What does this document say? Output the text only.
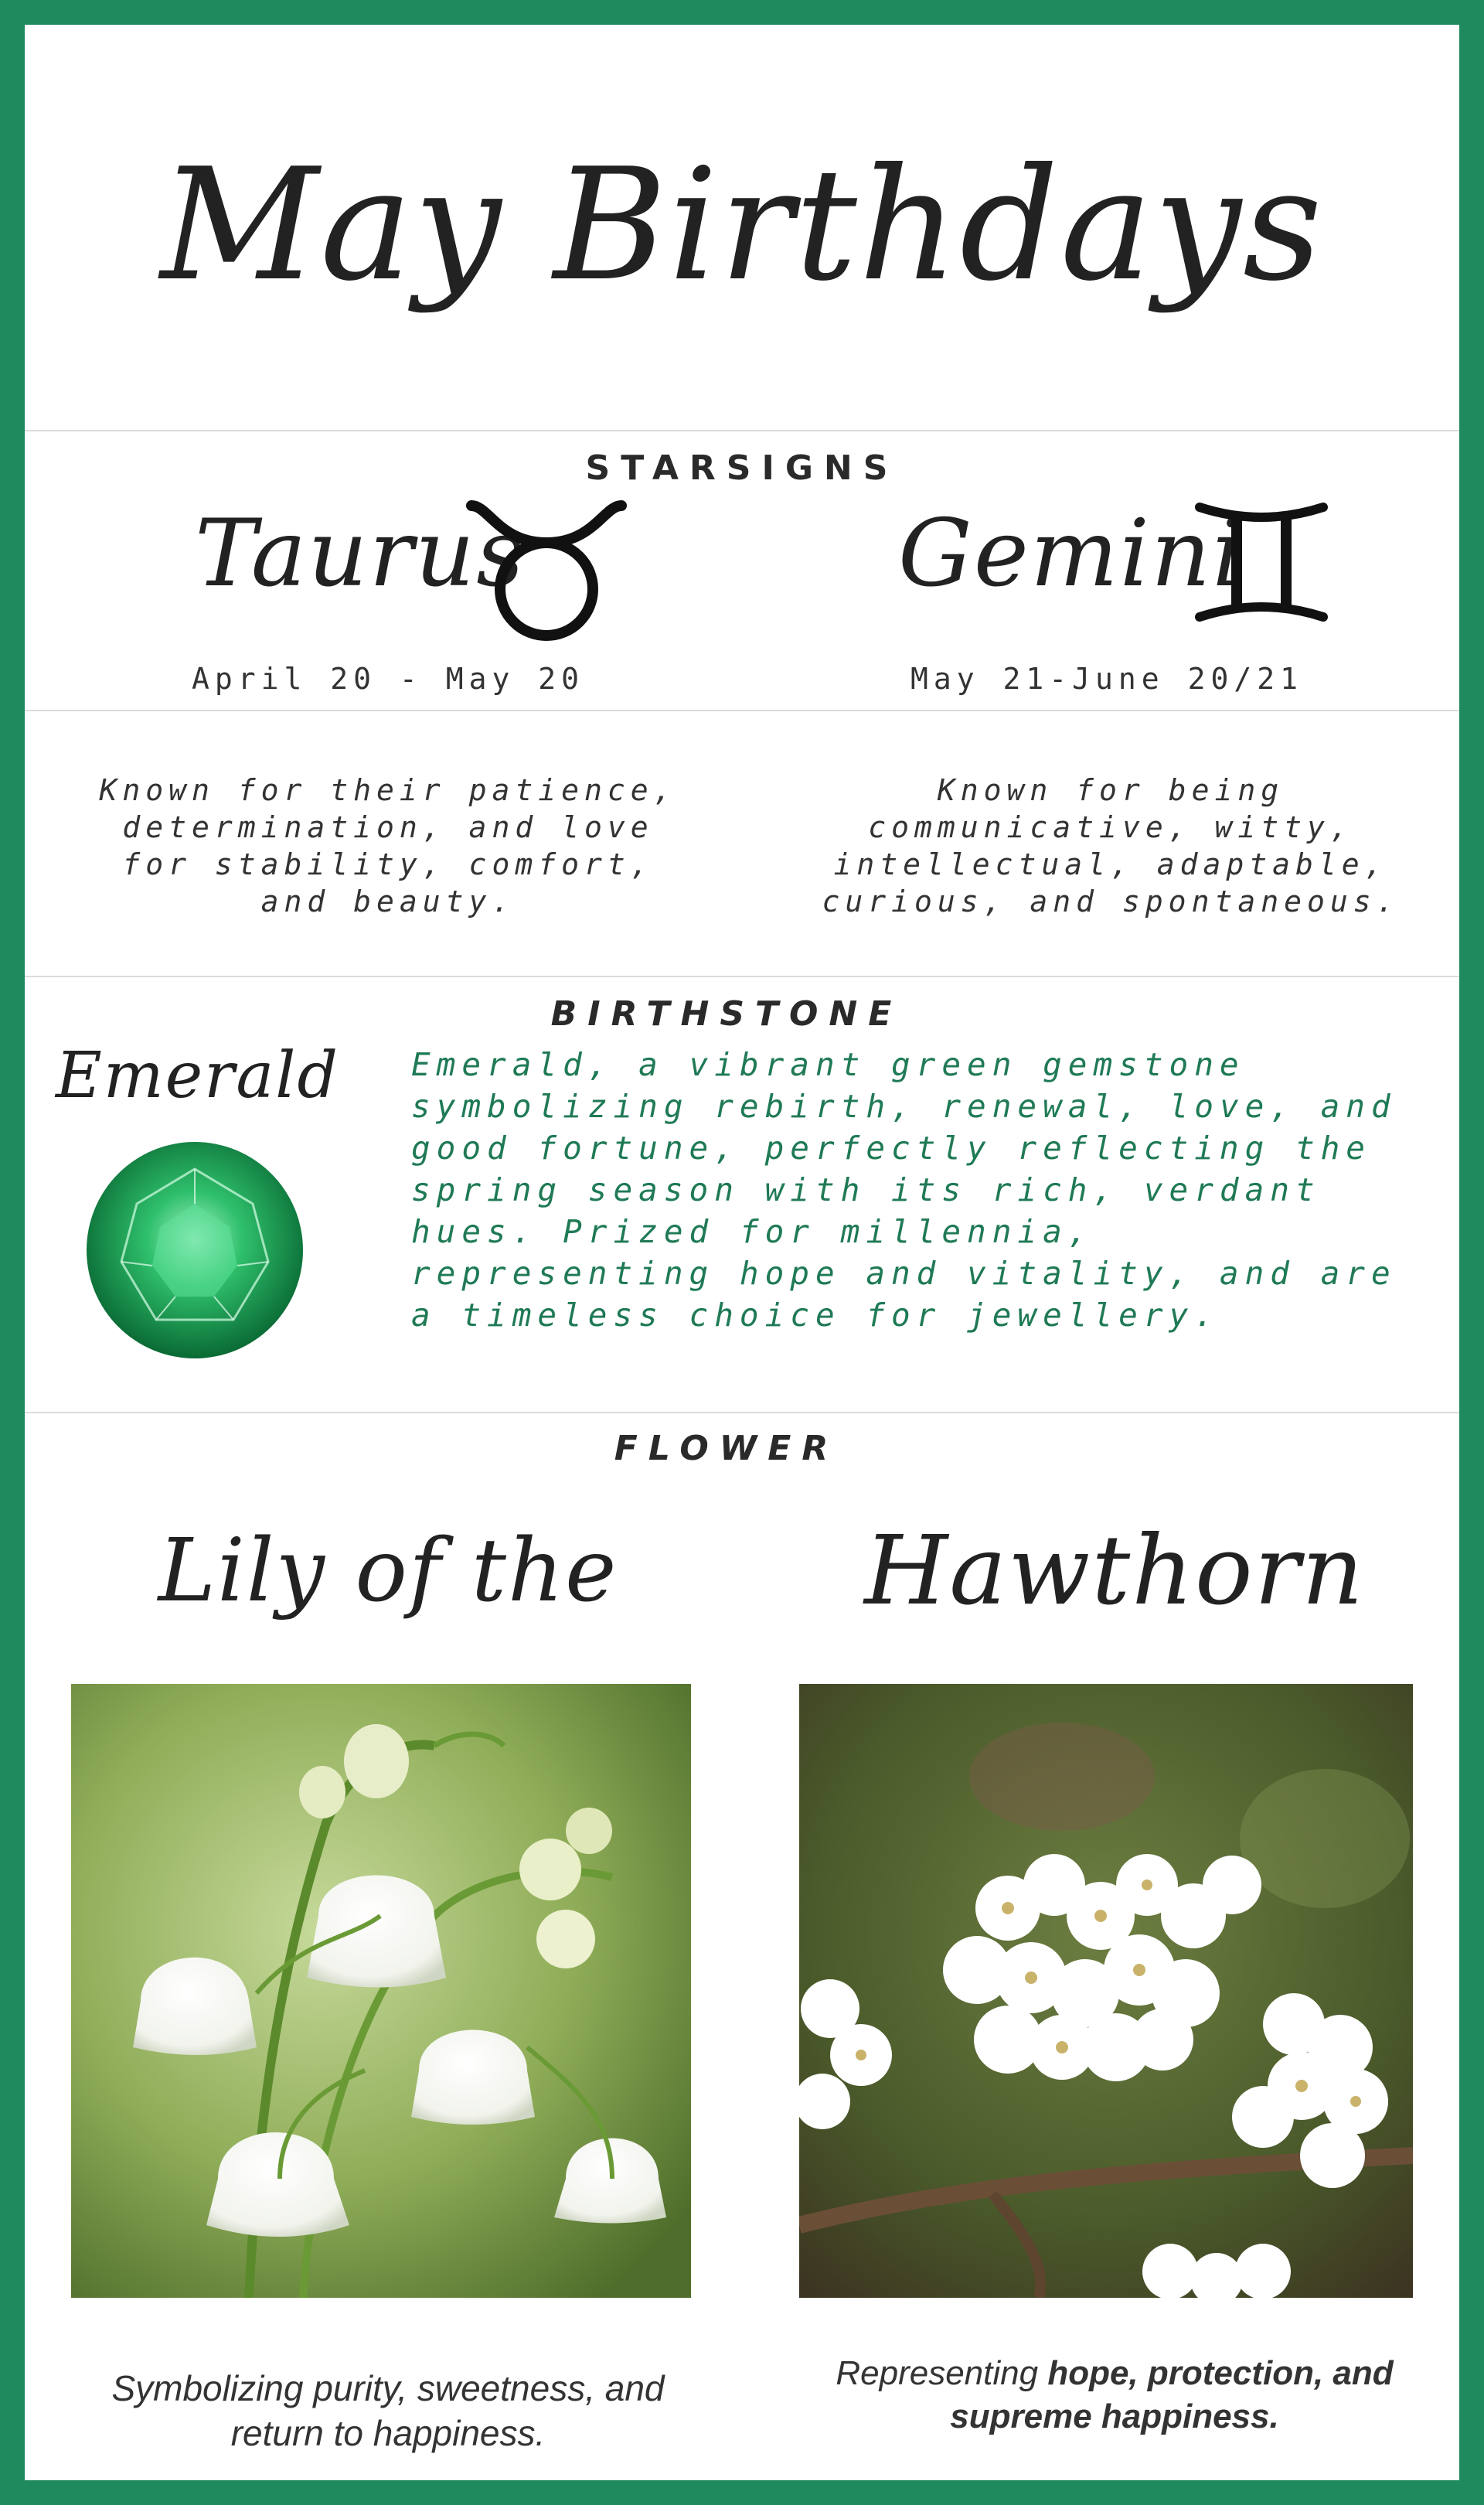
May Birthdays
STARSIGNS
Taurus
April 20 - May 20
Gemini
May 21-June 20/21
Known for their patience, determination, and love for stability, comfort, and beauty.
Known for being communicative, witty, intellectual, adaptable, curious, and spontaneous.
BIRTHSTONE
Emerald Emerald, a vibrant green gemstone symbolizing rebirth, renewal, love, and good fortune, perfectly reflecting the spring season with its rich, verdant hues. Prized for millennia, representing hope and vitality, and are a timeless choice for jewellery.
FLOWER
Lily of the	Hawthorn
Symbolizing purity, sweetness, and return to happiness.
Representing hope, protection, and supreme happiness.
